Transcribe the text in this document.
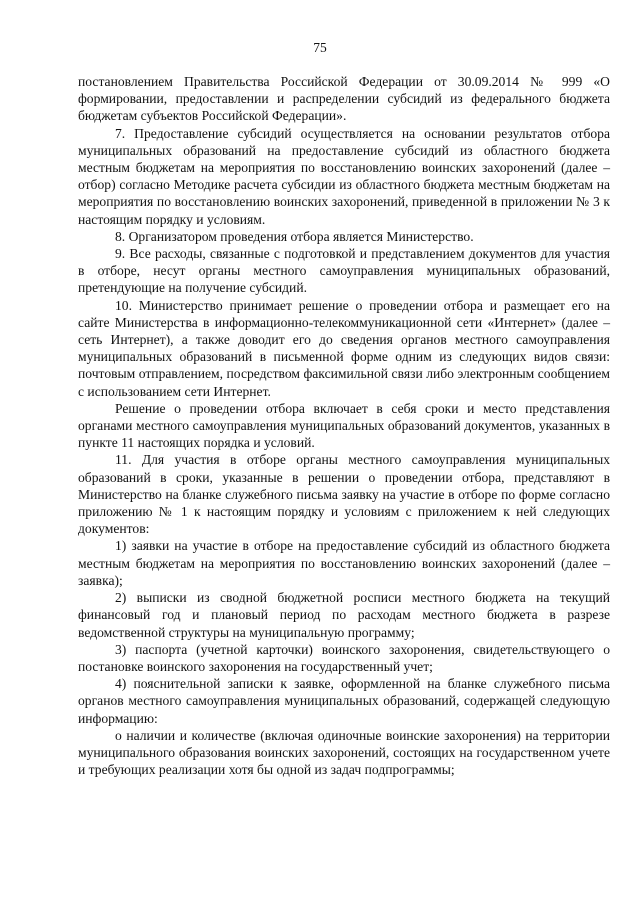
75

постановлением Правительства Российской Федерации от 30.09.2014 № 999 «О формировании, предоставлении и распределении субсидий из федерального бюджета бюджетам субъектов Российской Федерации».

7. Предоставление субсидий осуществляется на основании результатов отбора муниципальных образований на предоставление субсидий из областного бюджета местным бюджетам на мероприятия по восстановлению воинских захоронений (далее – отбор) согласно Методике расчета субсидии из областного бюджета местным бюджетам на мероприятия по восстановлению воинских захоронений, приведенной в приложении № 3 к настоящим порядку и условиям.

8. Организатором проведения отбора является Министерство.

9. Все расходы, связанные с подготовкой и представлением документов для участия в отборе, несут органы местного самоуправления муниципальных образований, претендующие на получение субсидий.

10. Министерство принимает решение о проведении отбора и размещает его на сайте Министерства в информационно-телекоммуникационной сети «Интернет» (далее – сеть Интернет), а также доводит его до сведения органов местного самоуправления муниципальных образований в письменной форме одним из следующих видов связи: почтовым отправлением, посредством факсимильной связи либо электронным сообщением с использованием сети Интернет.

Решение о проведении отбора включает в себя сроки и место представления органами местного самоуправления муниципальных образований документов, указанных в пункте 11 настоящих порядка и условий.

11. Для участия в отборе органы местного самоуправления муниципальных образований в сроки, указанные в решении о проведении отбора, представляют в Министерство на бланке служебного письма заявку на участие в отборе по форме согласно приложению № 1 к настоящим порядку и условиям с приложением к ней следующих документов:

1) заявки на участие в отборе на предоставление субсидий из областного бюджета местным бюджетам на мероприятия по восстановлению воинских захоронений (далее – заявка);

2) выписки из сводной бюджетной росписи местного бюджета на текущий финансовый год и плановый период по расходам местного бюджета в разрезе ведомственной структуры на муниципальную программу;

3) паспорта (учетной карточки) воинского захоронения, свидетельствующего о постановке воинского захоронения на государственный учет;

4) пояснительной записки к заявке, оформленной на бланке служебного письма органов местного самоуправления муниципальных образований, содержащей следующую информацию:

о наличии и количестве (включая одиночные воинские захоронения) на территории муниципального образования воинских захоронений, состоящих на государственном учете и требующих реализации хотя бы одной из задач подпрограммы;
